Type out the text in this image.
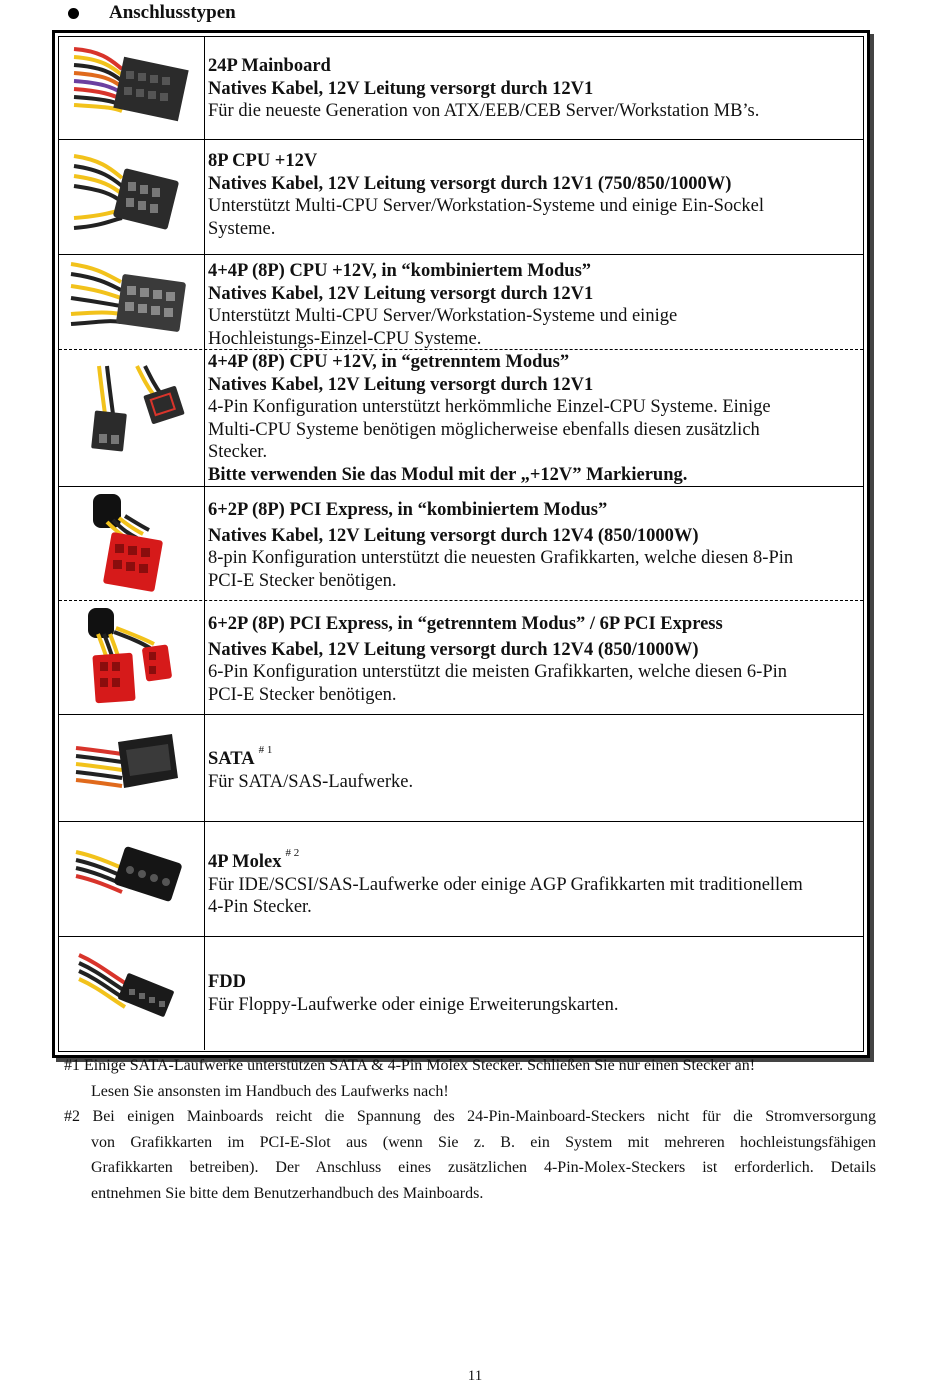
Anschlusstypen
24P Mainboard
Natives Kabel, 12V Leitung versorgt durch 12V1
Für die neueste Generation von ATX/EEB/CEB Server/Workstation MB’s.
8P CPU +12V
Natives Kabel, 12V Leitung versorgt durch 12V1 (750/850/1000W)
Unterstützt Multi-CPU Server/Workstation-Systeme und einige Ein-Sockel
Systeme.
4+4P (8P) CPU +12V, in “kombiniertem Modus”
Natives Kabel, 12V Leitung versorgt durch 12V1
Unterstützt Multi-CPU Server/Workstation-Systeme und einige
Hochleistungs-Einzel-CPU Systeme.
4+4P (8P) CPU +12V, in “getrenntem Modus”
Natives Kabel, 12V Leitung versorgt durch 12V1
4-Pin Konfiguration unterstützt herkömmliche Einzel-CPU Systeme. Einige
Multi-CPU Systeme benötigen möglicherweise ebenfalls diesen zusätzlich
Stecker.
Bitte verwenden Sie das Modul mit der „+12V” Markierung.
6+2P (8P) PCI Express, in “kombiniertem Modus”
Natives Kabel, 12V Leitung versorgt durch 12V4 (850/1000W)
8-pin Konfiguration unterstützt die neuesten Grafikkarten, welche diesen 8-Pin
PCI-E Stecker benötigen.
6+2P (8P) PCI Express, in “getrenntem Modus” / 6P PCI Express
Natives Kabel, 12V Leitung versorgt durch 12V4 (850/1000W)
6-Pin Konfiguration unterstützt die meisten Grafikkarten, welche diesen 6-Pin
PCI-E Stecker benötigen.
SATA $^{\# 1}$
Für SATA/SAS-Laufwerke.
4P Molex $^{\# 2}$
Für IDE/SCSI/SAS-Laufwerke oder einige AGP Grafikkarten mit traditionellem
4-Pin Stecker.
FDD
Für Floppy-Laufwerke oder einige Erweiterungskarten.
#1 Einige SATA-Laufwerke unterstützen SATA & 4-Pin Molex Stecker. Schließen Sie nur einen Stecker an!
Lesen Sie ansonsten im Handbuch des Laufwerks nach!
#2 Bei einigen Mainboards reicht die Spannung des 24-Pin-Mainboard-Steckers nicht für die Stromversorgung
von Grafikkarten im PCI-E-Slot aus (wenn Sie z. B. ein System mit mehreren hochleistungsfähigen
Grafikkarten betreiben). Der Anschluss eines zusätzlichen 4-Pin-Molex-Steckers ist erforderlich. Details
entnehmen Sie bitte dem Benutzerhandbuch des Mainboards.
11
